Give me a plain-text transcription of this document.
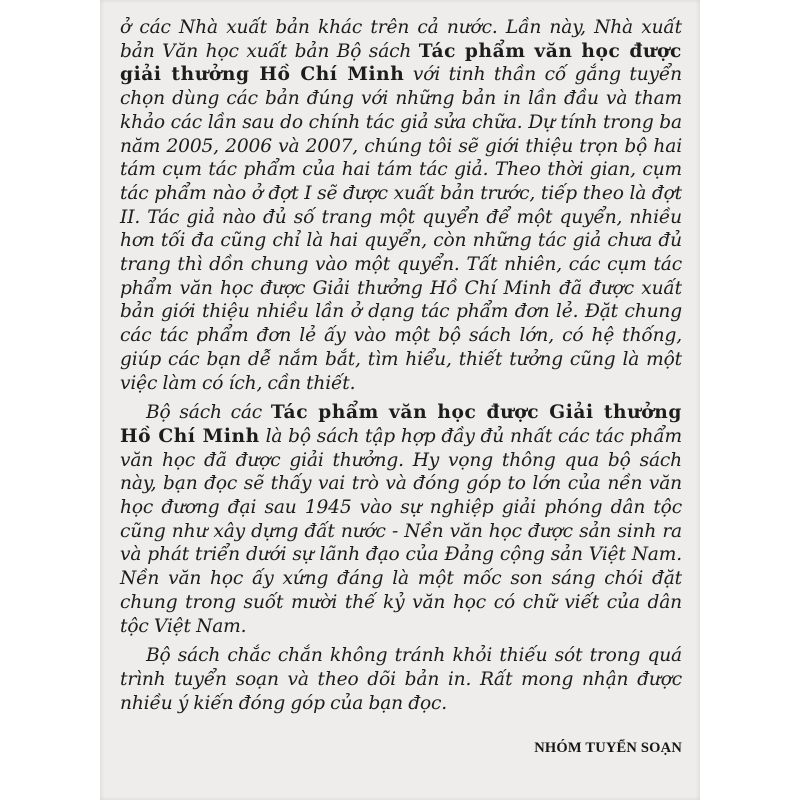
ở các Nhà xuất bản khác trên cả nước. Lần này, Nhà xuất bản Văn học xuất bản Bộ sách Tác phẩm văn học được giải thưởng Hồ Chí Minh với tinh thần cố gắng tuyển chọn dùng các bản đúng với những bản in lần đầu và tham khảo các lần sau do chính tác giả sửa chữa. Dự tính trong ba năm 2005, 2006 và 2007, chúng tôi sẽ giới thiệu trọn bộ hai tám cụm tác phẩm của hai tám tác giả. Theo thời gian, cụm tác phẩm nào ở đợt I sẽ được xuất bản trước, tiếp theo là đợt II. Tác giả nào đủ số trang một quyển để một quyển, nhiều hơn tối đa cũng chỉ là hai quyển, còn những tác giả chưa đủ trang thì dồn chung vào một quyển. Tất nhiên, các cụm tác phẩm văn học được Giải thưởng Hồ Chí Minh đã được xuất bản giới thiệu nhiều lần ở dạng tác phẩm đơn lẻ. Đặt chung các tác phẩm đơn lẻ ấy vào một bộ sách lớn, có hệ thống, giúp các bạn dễ nắm bắt, tìm hiểu, thiết tưởng cũng là một việc làm có ích, cần thiết.

Bộ sách các Tác phẩm văn học được Giải thưởng Hồ Chí Minh là bộ sách tập hợp đầy đủ nhất các tác phẩm văn học đã được giải thưởng. Hy vọng thông qua bộ sách này, bạn đọc sẽ thấy vai trò và đóng góp to lớn của nền văn học đương đại sau 1945 vào sự nghiệp giải phóng dân tộc cũng như xây dựng đất nước - Nền văn học được sản sinh ra và phát triển dưới sự lãnh đạo của Đảng cộng sản Việt Nam. Nền văn học ấy xứng đáng là một mốc son sáng chói đặt chung trong suốt mười thế kỷ văn học có chữ viết của dân tộc Việt Nam.

Bộ sách chắc chắn không tránh khỏi thiếu sót trong quá trình tuyển soạn và theo dõi bản in. Rất mong nhận được nhiều ý kiến đóng góp của bạn đọc.

NHÓM TUYỂN SOẠN
